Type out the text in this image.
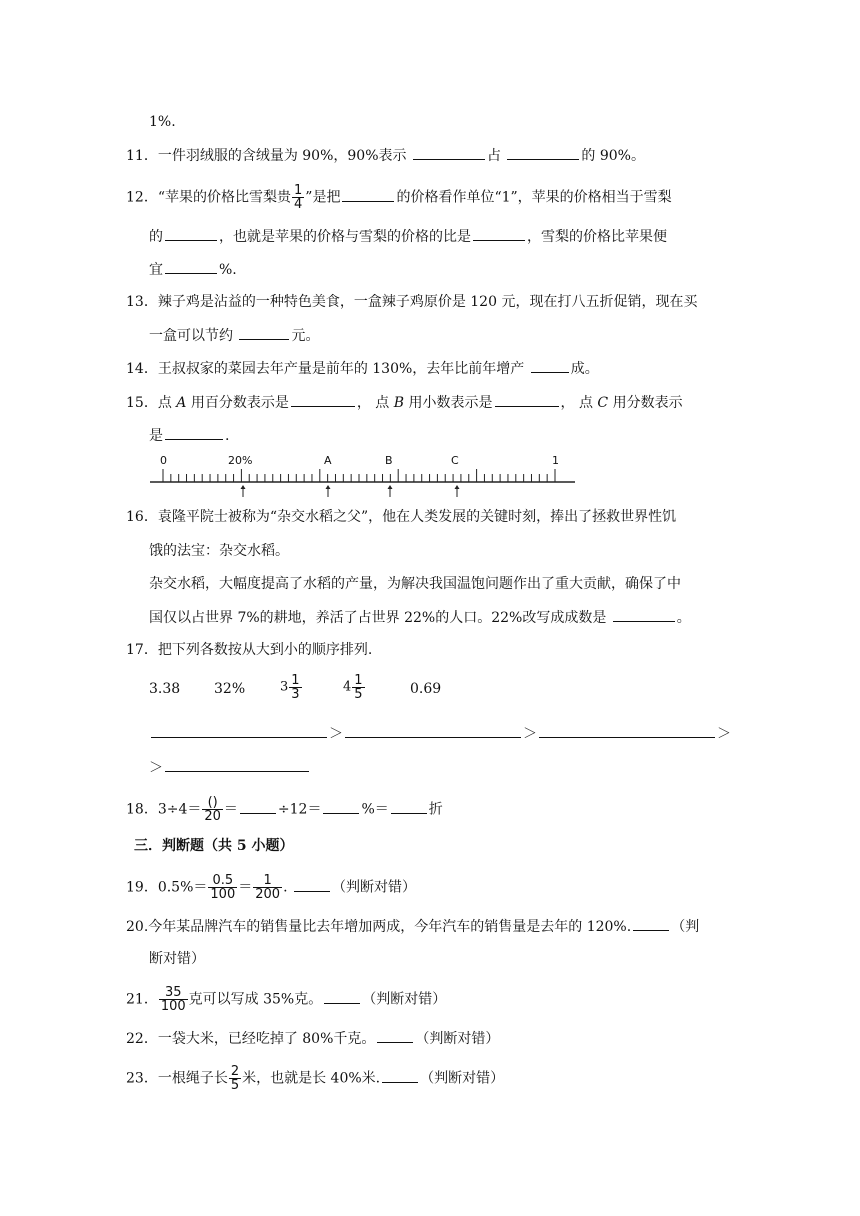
1%.
11．一件羽绒服的含绒量为 90%，90%表示	占	的 90%。
12．“苹果的价格比雪梨贵 $\frac{1}{4}$ ”是把	的价格看作单位“1”，苹果的价格相当于雪梨
的	，也就是苹果的价格与雪梨的价格的比是	，雪梨的价格比苹果便
宜	%.
13．辣子鸡是沾益的一种特色美食，一盒辣子鸡原价是 120 元，现在打八五折促销，现在买
一盒可以节约	元。
14．王叔叔家的菜园去年产量是前年的 130%，去年比前年增产	成。
15．点 A 用百分数表示是	， 点 B 用小数表示是	， 点 C 用分数表示
是	.
0	20%	A	B	C	1
16．袁隆平院士被称为“杂交水稻之父”，他在人类发展的关键时刻，捧出了拯救世界性饥
饿的法宝：杂交水稻。
杂交水稻，大幅度提高了水稻的产量，为解决我国温饱问题作出了重大贡献，确保了中
国仅以占世界 7%的耕地，养活了占世界 22%的人口。22%改写成成数是	。
17．把下列各数按从大到小的顺序排列.
3.38 32%	$3 \frac{1}{3}$	$4 \frac{1}{5}$	0.69
＞	＞	＞
＞
18．$3\div 4= \frac{()}{20}$ ＝	÷12＝	%＝	折
三．判断题（共 5 小题）
19．$0.5\%= \frac{0.5}{100} = \frac{1}{200}$ .	（判断对错）
20.今年某品牌汽车的销售量比去年增加两成，今年汽车的销售量是去年的 120%.	（判
断对错）
21． $\frac{35}{100}$ 克可以写成 35%克。	（判断对错）
22．一袋大米，已经吃掉了 80%千克。	（判断对错）
23．一根绳子长 $\frac{2}{5}$ 米，也就是长 40%米.	（判断对错）
